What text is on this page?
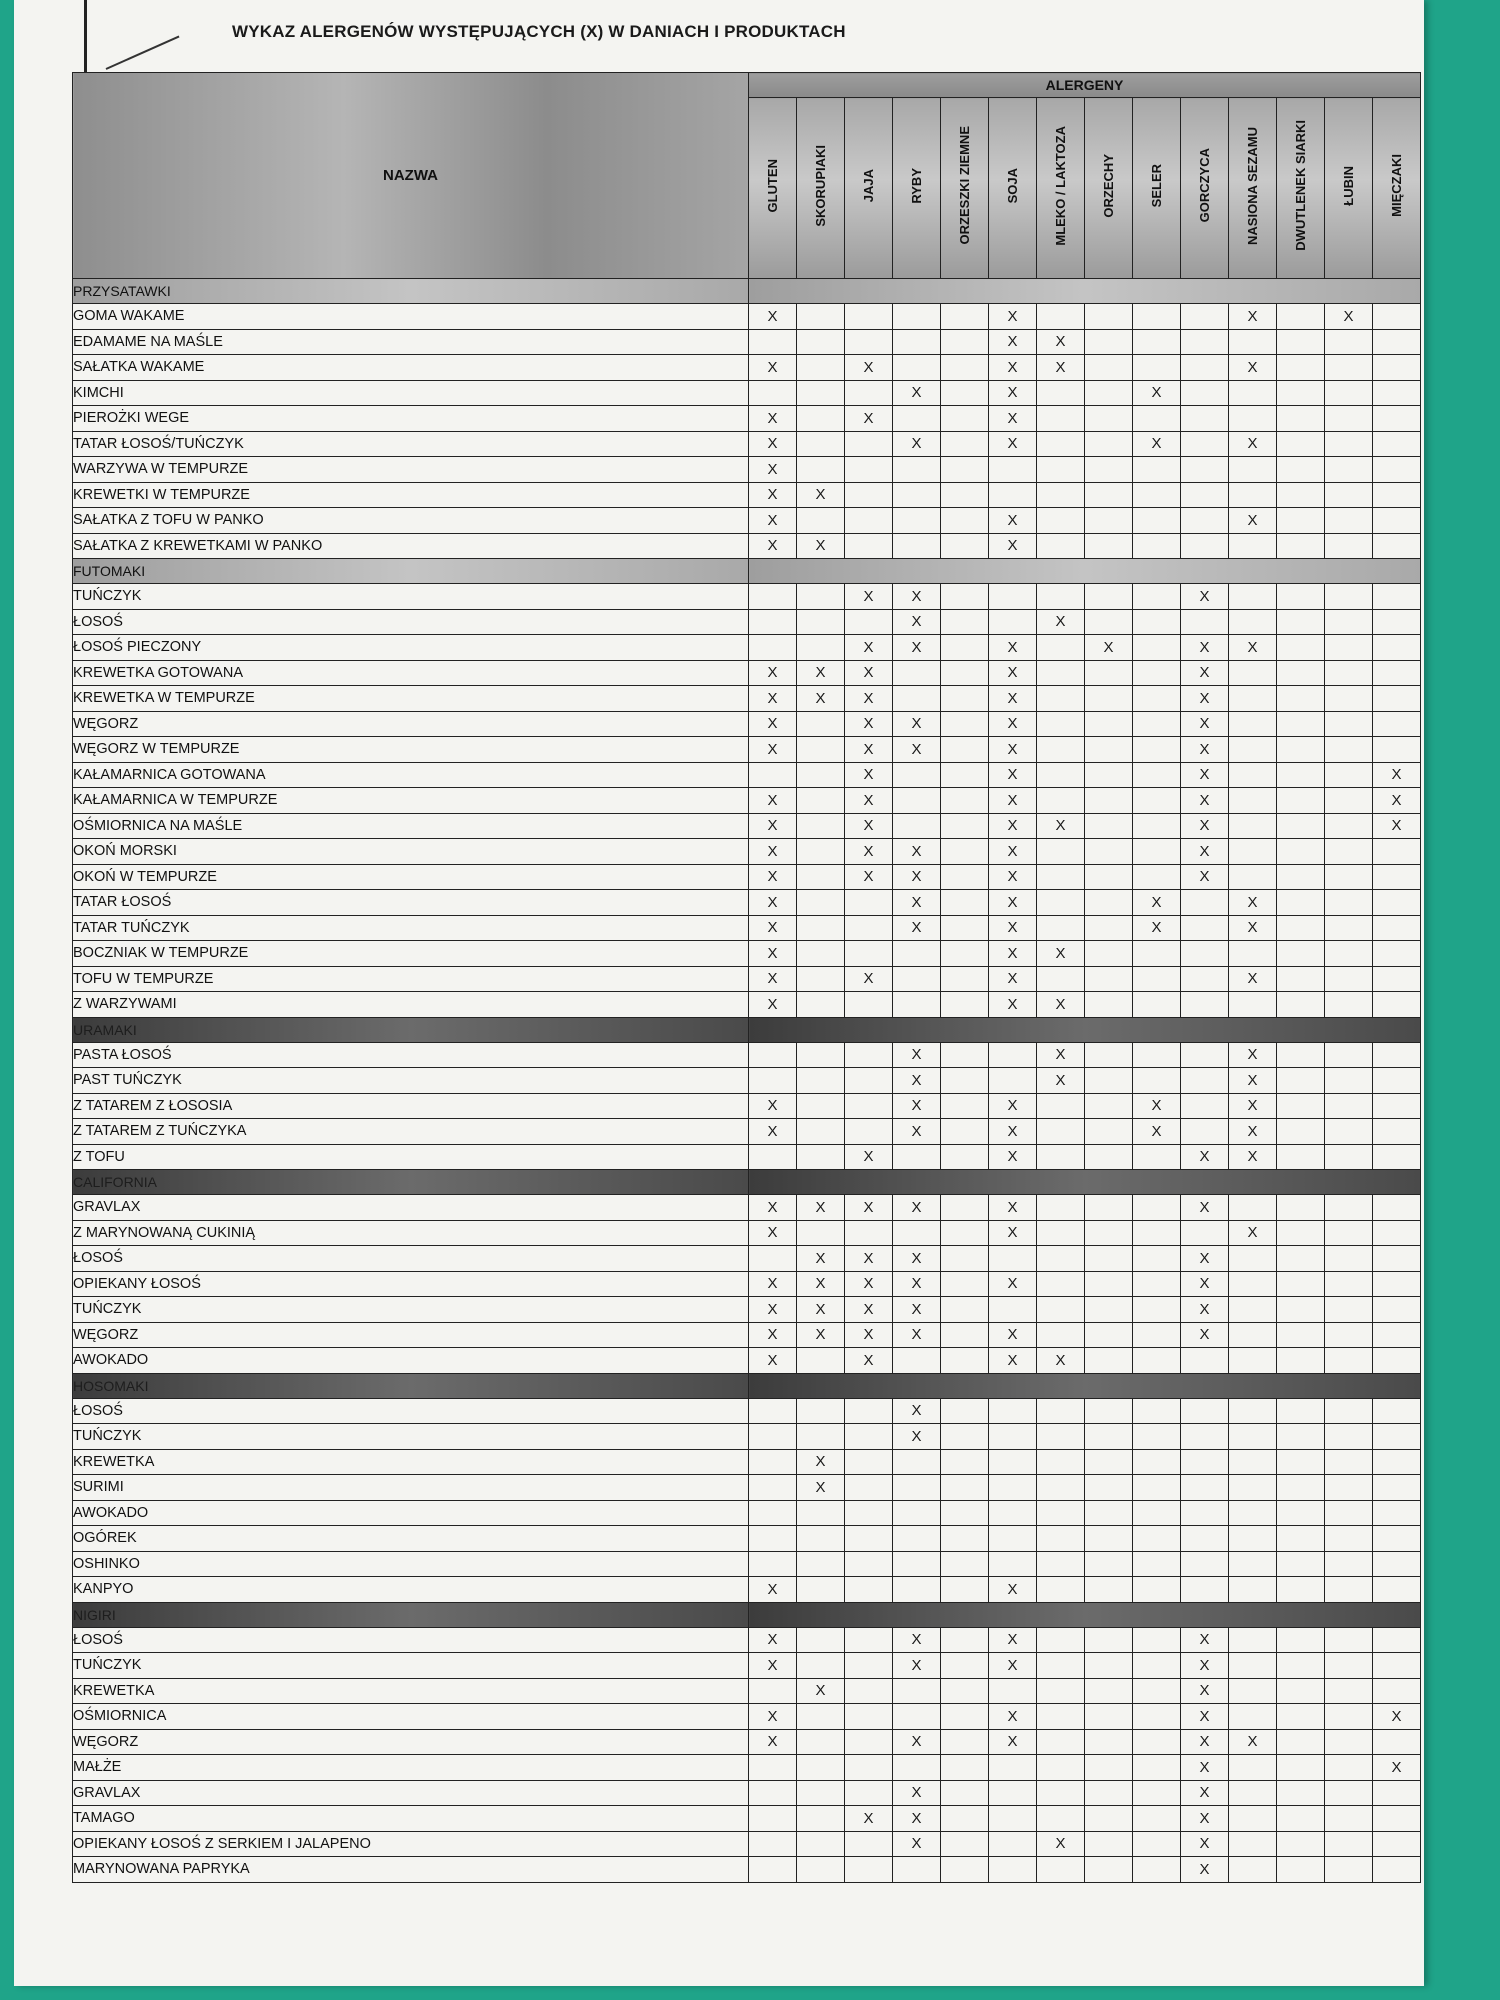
WYKAZ ALERGENÓW WYSTĘPUJĄCYCH (X) W DANIACH I PRODUKTACH
NAZWA	ALERGENY													
	GLUTEN	SKORUPIAKI	JAJA	RYBY	ORZESZKI ZIEMNE	SOJA	MLEKO / LAKTOZA	ORZECHY	SELER	GORCZYCA	NASIONA SEZAMU	DWUTLENEK SIARKI	ŁUBIN	MIĘCZAKI
PRZYSATAWKI														
GOMA WAKAME	X					X					X		X	
EDAMAME NA MAŚLE						X	X							
SAŁATKA WAKAME	X		X			X	X				X			
KIMCHI				X		X			X					
PIEROŻKI WEGE	X		X			X								
TATAR ŁOSOŚ/TUŃCZYK	X			X		X			X		X			
WARZYWA W TEMPURZE	X													
KREWETKI W TEMPURZE	X	X												
SAŁATKA Z TOFU W PANKO	X					X					X			
SAŁATKA Z KREWETKAMI W PANKO	X	X				X								
FUTOMAKI														
TUŃCZYK			X	X						X				
ŁOSOŚ				X			X							
ŁOSOŚ PIECZONY			X	X		X		X		X	X			
KREWETKA GOTOWANA	X	X	X			X				X				
KREWETKA W TEMPURZE	X	X	X			X				X				
WĘGORZ	X		X	X		X				X				
WĘGORZ W TEMPURZE	X		X	X		X				X				
KAŁAMARNICA GOTOWANA			X			X				X				X
KAŁAMARNICA W TEMPURZE	X		X			X				X				X
OŚMIORNICA NA MAŚLE	X		X			X	X			X				X
OKOŃ MORSKI	X		X	X		X				X				
OKOŃ W TEMPURZE	X		X	X		X				X				
TATAR ŁOSOŚ	X			X		X			X		X			
TATAR TUŃCZYK	X			X		X			X		X			
BOCZNIAK W TEMPURZE	X					X	X							
TOFU W TEMPURZE	X		X			X					X			
Z WARZYWAMI	X					X	X							
URAMAKI														
PASTA ŁOSOŚ				X			X				X			
PAST TUŃCZYK				X			X				X			
Z TATAREM Z ŁOSOSIA	X			X		X			X		X			
Z TATAREM Z TUŃCZYKA	X			X		X			X		X			
Z TOFU			X			X				X	X			
CALIFORNIA														
GRAVLAX	X	X	X	X		X				X				
Z MARYNOWANĄ CUKINIĄ	X					X					X			
ŁOSOŚ		X	X	X						X				
OPIEKANY ŁOSOŚ	X	X	X	X		X				X				
TUŃCZYK	X	X	X	X						X				
WĘGORZ	X	X	X	X		X				X				
AWOKADO	X		X			X	X							
HOSOMAKI														
ŁOSOŚ				X										
TUŃCZYK				X										
KREWETKA		X												
SURIMI		X												
AWOKADO														
OGÓREK														
OSHINKO														
KANPYO	X					X								
NIGIRI														
ŁOSOŚ	X			X		X				X				
TUŃCZYK	X			X		X				X				
KREWETKA		X								X				
OŚMIORNICA	X					X				X				X
WĘGORZ	X			X		X				X	X			
MAŁŻE										X				X
GRAVLAX				X						X				
TAMAGO			X	X						X				
OPIEKANY ŁOSOŚ Z SERKIEM I JALAPENO				X			X			X				
MARYNOWANA PAPRYKA										X				
